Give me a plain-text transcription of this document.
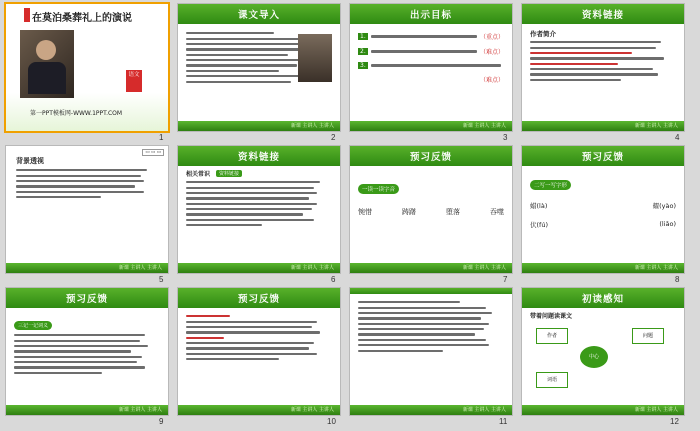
在莫泊桑葬礼上的演说
语文
第一PPT模板网-WWW.1PPT.COM
1
课文导入
新课 主讲人 主讲人
2
出示目标
1.	（重点）
2.	（难点）
3.
（难点）
新课 主讲人 主讲人
3
资料链接
作者简介
新课 主讲人 主讲人
4
▭ ▭ ▭
背景透视
新课 主讲人 主讲人
5
资料链接
相关常识	资料链接
新课 主讲人 主讲人
6
预习反馈
一读一读字音
惋惜	踌躇	堕落	吞噬
新课 主讲人 主讲人
7
预习反馈
二写一写字形
蜡(là)	耀(yào)
伏(fú)	(liǎo)
新课 主讲人 主讲人
8
预习反馈
三记一记词义
新课 主讲人 主讲人
9
预习反馈
新课 主讲人 主讲人
10
新课 主讲人 主讲人
11
初读感知
带着问题读课文
中心
作者
词语
问题
新课 主讲人 主讲人
12
